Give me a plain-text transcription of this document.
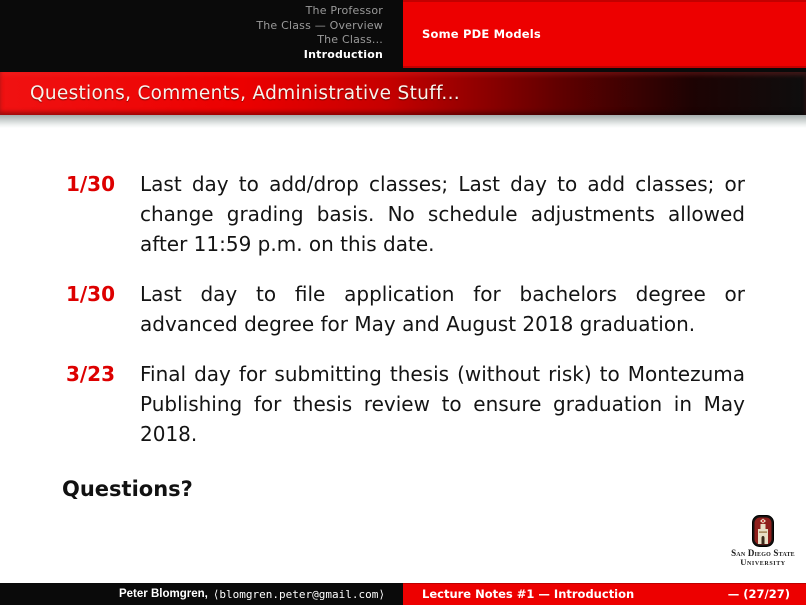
The Professor
The Class — Overview
The Class...
Introduction
Some PDE Models
Questions, Comments, Administrative Stuff...
1/30 Last day to add/drop classes; Last day to add classes; or change grading basis. No schedule adjustments allowed after 11:59 p.m. on this date.
1/30 Last day to file application for bachelors degree or advanced degree for May and August 2018 graduation.
3/23 Final day for submitting thesis (without risk) to Montezuma Publishing for thesis review to ensure graduation in May 2018.
Questions?
San Diego State
University
Peter Blomgren, ⟨blomgren.peter@gmail.com⟩	Lecture Notes #1 — Introduction	— (27/27)
